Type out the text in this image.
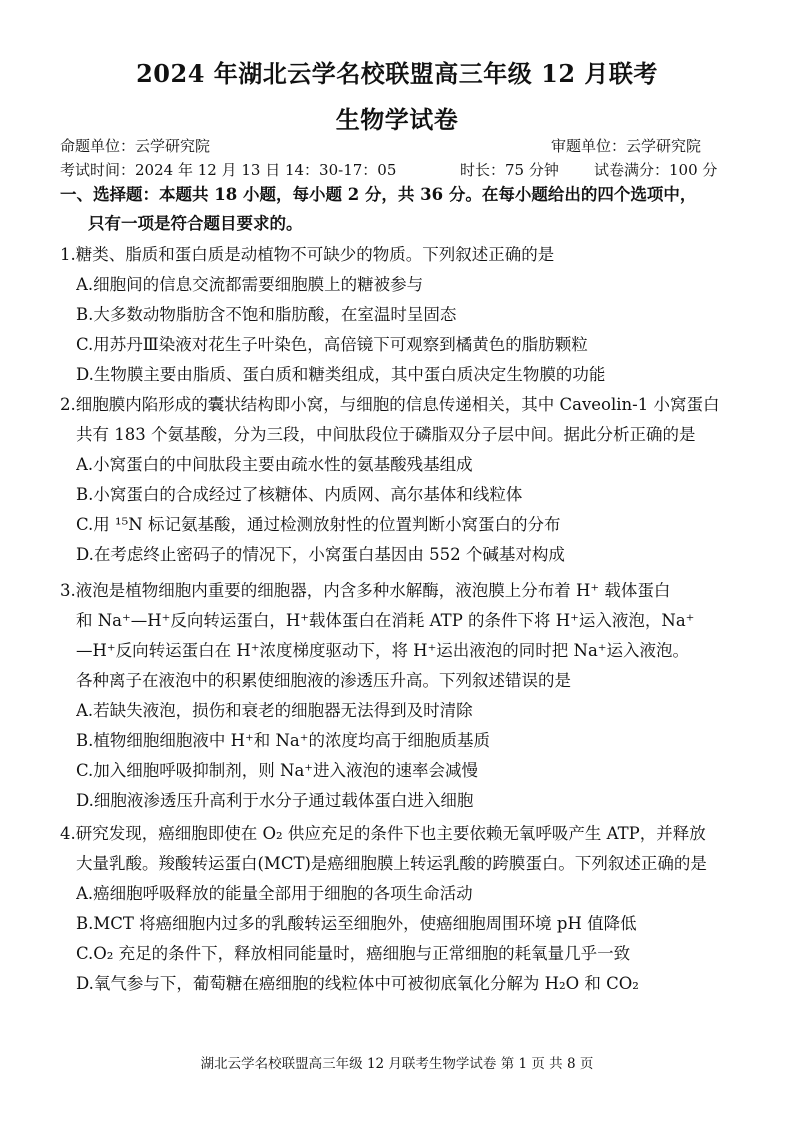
2024 年湖北云学名校联盟高三年级 12 月联考
生物学试卷
命题单位：云学研究院	审题单位：云学研究院
考试时间：2024 年 12 月 13 日 14：30-17：05	时长：75 分钟 试卷满分：100 分
一、选择题：本题共 18 小题，每小题 2 分，共 36 分。在每小题给出的四个选项中，
只有一项是符合题目要求的。
1.糖类、脂质和蛋白质是动植物不可缺少的物质。下列叙述正确的是
A.细胞间的信息交流都需要细胞膜上的糖被参与
B.大多数动物脂肪含不饱和脂肪酸，在室温时呈固态
C.用苏丹Ⅲ染液对花生子叶染色，高倍镜下可观察到橘黄色的脂肪颗粒
D.生物膜主要由脂质、蛋白质和糖类组成，其中蛋白质决定生物膜的功能
2.细胞膜内陷形成的囊状结构即小窝，与细胞的信息传递相关，其中 Caveolin-1 小窝蛋白
共有 183 个氨基酸，分为三段，中间肽段位于磷脂双分子层中间。据此分析正确的是
A.小窝蛋白的中间肽段主要由疏水性的氨基酸残基组成
B.小窝蛋白的合成经过了核糖体、内质网、高尔基体和线粒体
C.用 ¹⁵N 标记氨基酸，通过检测放射性的位置判断小窝蛋白的分布
D.在考虑终止密码子的情况下，小窝蛋白基因由 552 个碱基对构成
3.液泡是植物细胞内重要的细胞器，内含多种水解酶，液泡膜上分布着 H⁺ 载体蛋白
和 Na⁺—H⁺反向转运蛋白，H⁺载体蛋白在消耗 ATP 的条件下将 H⁺运入液泡，Na⁺
—H⁺反向转运蛋白在 H⁺浓度梯度驱动下，将 H⁺运出液泡的同时把 Na⁺运入液泡。
各种离子在液泡中的积累使细胞液的渗透压升高。下列叙述错误的是
A.若缺失液泡，损伤和衰老的细胞器无法得到及时清除
B.植物细胞细胞液中 H⁺和 Na⁺的浓度均高于细胞质基质
C.加入细胞呼吸抑制剂，则 Na⁺进入液泡的速率会减慢
D.细胞液渗透压升高利于水分子通过载体蛋白进入细胞
4.研究发现，癌细胞即使在 O₂ 供应充足的条件下也主要依赖无氧呼吸产生 ATP，并释放
大量乳酸。羧酸转运蛋白(MCT)是癌细胞膜上转运乳酸的跨膜蛋白。下列叙述正确的是
A.癌细胞呼吸释放的能量全部用于细胞的各项生命活动
B.MCT 将癌细胞内过多的乳酸转运至细胞外，使癌细胞周围环境 pH 值降低
C.O₂ 充足的条件下，释放相同能量时，癌细胞与正常细胞的耗氧量几乎一致
D.氧气参与下，葡萄糖在癌细胞的线粒体中可被彻底氧化分解为 H₂O 和 CO₂
湖北云学名校联盟高三年级 12 月联考生物学试卷 第 1 页 共 8 页
